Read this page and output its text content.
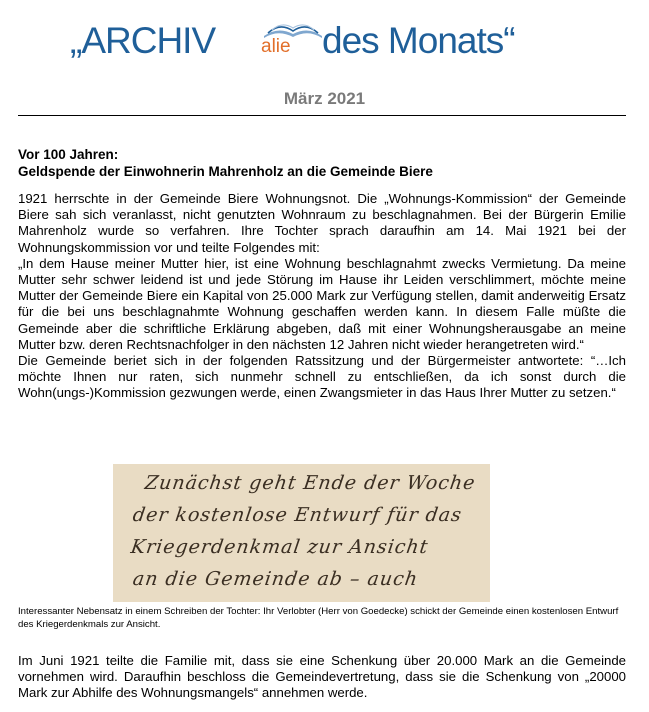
„ARCHIV alie des Monats“
März 2021
Vor 100 Jahren:
Geldspende der Einwohnerin Mahrenholz an die Gemeinde Biere
1921 herrschte in der Gemeinde Biere Wohnungsnot. Die „Wohnungs-Kommission“ der Gemeinde Biere sah sich veranlasst, nicht genutzten Wohnraum zu beschlagnahmen. Bei der Bürgerin Emilie Mahrenholz wurde so verfahren. Ihre Tochter sprach daraufhin am 14. Mai 1921 bei der Wohnungskommission vor und teilte Folgendes mit:
„In dem Hause meiner Mutter hier, ist eine Wohnung beschlagnahmt zwecks Vermietung. Da meine Mutter sehr schwer leidend ist und jede Störung im Hause ihr Leiden verschlimmert, möchte meine Mutter der Gemeinde Biere ein Kapital von 25.000 Mark zur Verfügung stellen, damit anderweitig Ersatz für die bei uns beschlagnahmte Wohnung geschaffen werden kann. In diesem Falle müßte die Gemeinde aber die schriftliche Erklärung abgeben, daß mit einer Wohnungsherausgabe an meine Mutter bzw. deren Rechtsnachfolger in den nächsten 12 Jahren nicht wieder herangetreten wird.“
Die Gemeinde beriet sich in der folgenden Ratssitzung und der Bürgermeister antwortete: “…Ich möchte Ihnen nur raten, sich nunmehr schnell zu entschließen, da ich sonst durch die Wohn(ungs-)Kommission gezwungen werde, einen Zwangsmieter in das Haus Ihrer Mutter zu setzen.“
Zunächst geht Ende der Woche
der kostenlose Entwurf für das
Kriegerdenkmal zur Ansicht
an die Gemeinde ab – auch
Interessanter Nebensatz in einem Schreiben der Tochter: Ihr Verlobter (Herr von Goedecke) schickt der Gemeinde einen kostenlosen Entwurf des Kriegerdenkmals zur Ansicht.
Im Juni 1921 teilte die Familie mit, dass sie eine Schenkung über 20.000 Mark an die Gemeinde vornehmen wird. Daraufhin beschloss die Gemeindevertretung, dass sie die Schenkung von „20000 Mark zur Abhilfe des Wohnungsmangels“ annehmen werde.
